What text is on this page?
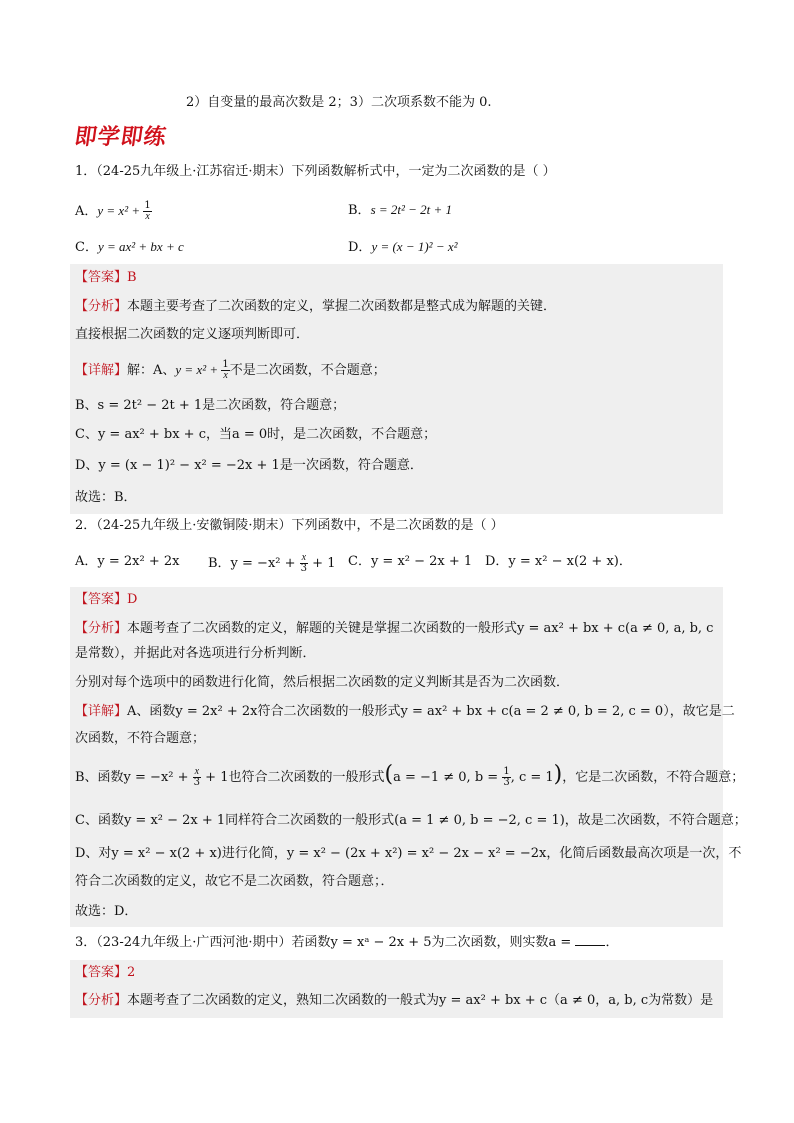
2）自变量的最高次数是 2；3）二次项系数不能为 0.
即学即练
1．（24-25九年级上·江苏宿迁·期末）下列函数解析式中，一定为二次函数的是（ ）
A．$y = x^2 + \frac{1}{x}$	B．s = 2t² − 2t + 1
C．y = ax² + bx + c	D．y = (x − 1)² − x²
【答案】B
【分析】本题主要考查了二次函数的定义，掌握二次函数都是整式成为解题的关键．
直接根据二次函数的定义逐项判断即可．
【详解】解：A、$y = x^2 + \frac{1}{x}$ 不是二次函数，不合题意；
B、s = 2t² − 2t + 1是二次函数，符合题意；
C、y = ax² + bx + c，当a = 0时，是二次函数，不合题意；
D、y = (x − 1)² − x² = −2x + 1是一次函数，符合题意．
故选：B．
2．（24-25九年级上·安徽铜陵·期末）下列函数中，不是二次函数的是（ ）
A．y = 2x² + 2x B．$y = -x^2 + \frac{x}{3} + 1$ C．y = x² − 2x + 1 D．y = x² − x(2 + x)．
【答案】D
【分析】本题考查了二次函数的定义，解题的关键是掌握二次函数的一般形式y = ax² + bx + c(a ≠ 0, a, b, c
是常数），并据此对各选项进行分析判断．
分别对每个选项中的函数进行化简，然后根据二次函数的定义判断其是否为二次函数．
【详解】A、函数y = 2x² + 2x符合二次函数的一般形式y = ax² + bx + c(a = 2 ≠ 0, b = 2, c = 0），故它是二
次函数，不符合题意；
B、函数$y = -x^2 + \frac{x}{3} + 1$也符合二次函数的一般形式(a = −1 ≠ 0, $b = \frac{1}{3}$ , c = 1)，它是二次函数，不符合题意；
C、函数y = x² − 2x + 1同样符合二次函数的一般形式(a = 1 ≠ 0, b = −2, c = 1)，故是二次函数，不符合题意；
D、对y = x² − x(2 + x)进行化简，y = x² − (2x + x²) = x² − 2x − x² = −2x，化简后函数最高次项是一次，不
符合二次函数的定义，故它不是二次函数，符合题意；．
故选：D．
3．（23-24九年级上·广西河池·期中）若函数y = xᵃ − 2x + 5为二次函数，则实数a = ．
【答案】2
【分析】本题考查了二次函数的定义，熟知二次函数的一般式为y = ax² + bx + c（a ≠ 0，a, b, c为常数）是
